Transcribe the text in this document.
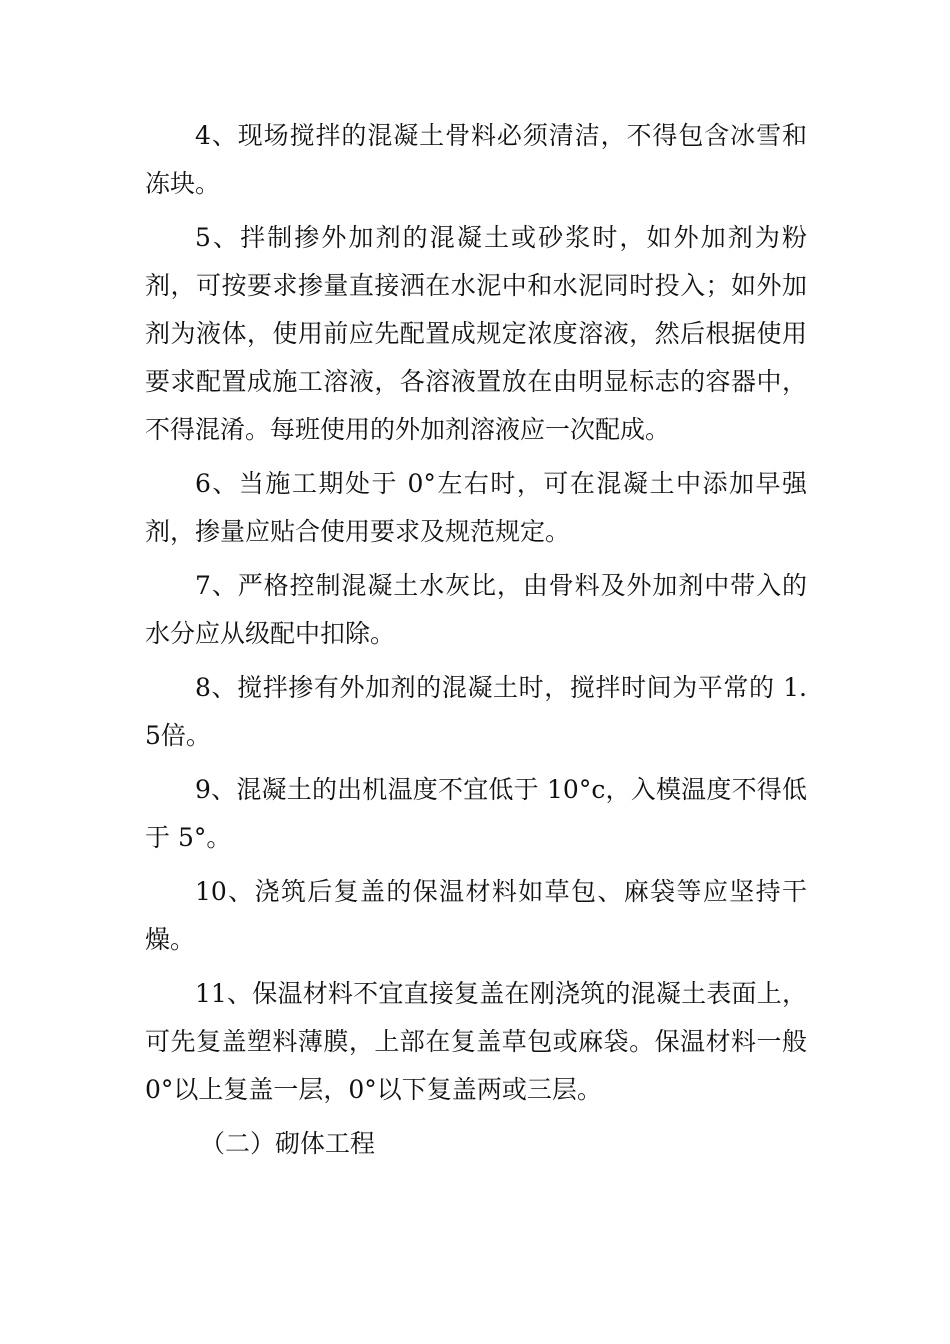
4、现场搅拌的混凝土骨料必须清洁，不得包含冰雪和冻块。

5、拌制掺外加剂的混凝土或砂浆时，如外加剂为粉剂，可按要求掺量直接洒在水泥中和水泥同时投入；如外加剂为液体，使用前应先配置成规定浓度溶液，然后根据使用要求配置成施工溶液，各溶液置放在由明显标志的容器中，不得混淆。每班使用的外加剂溶液应一次配成。

6、当施工期处于 0°左右时，可在混凝土中添加早强剂，掺量应贴合使用要求及规范规定。

7、严格控制混凝土水灰比，由骨料及外加剂中带入的水分应从级配中扣除。

8、搅拌掺有外加剂的混凝土时，搅拌时间为平常的 1.5倍。

9、混凝土的出机温度不宜低于 10°c，入模温度不得低于 5°。

10、浇筑后复盖的保温材料如草包、麻袋等应坚持干燥。

11、保温材料不宜直接复盖在刚浇筑的混凝土表面上，可先复盖塑料薄膜，上部在复盖草包或麻袋。保温材料一般0°以上复盖一层，0°以下复盖两或三层。

（二）砌体工程
